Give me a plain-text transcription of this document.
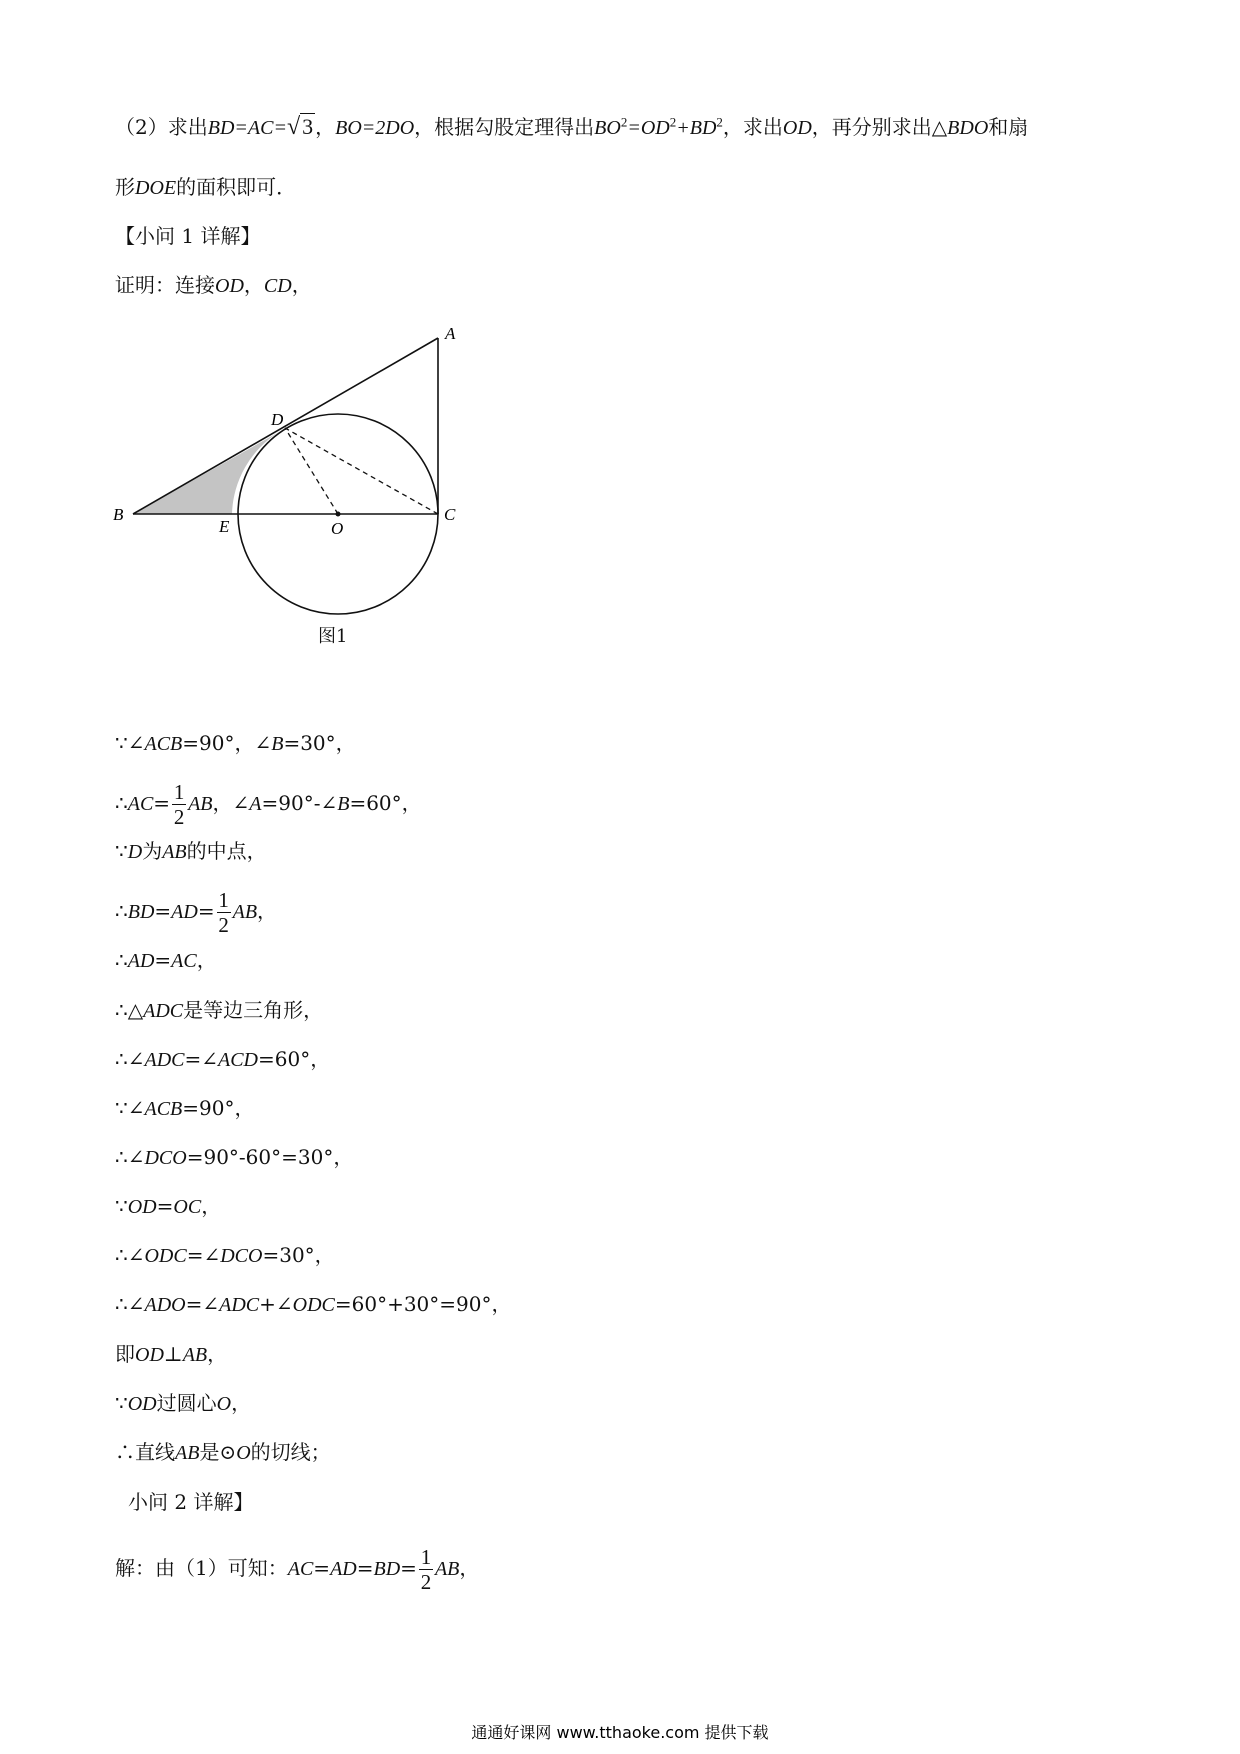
（2）求出BD=AC=√3 ，BO=2DO，根据勾股定理得出$BO^2=OD^2+BD^2$，求出OD，再分别求出△BDO和扇
形DOE的面积即可．
【小问 1 详解】
证明：连接OD，CD，
A
B	C
D
E	O
图1
∵∠ACB=90°，∠B=30°，
∴AC= $\frac{1}{2}$ AB，∠A=90°-∠B=60°，
∵D为AB的中点，
∴BD=AD= $\frac{1}{2}$ AB，
∴AD=AC，
∴△ADC是等边三角形，
∴∠ADC=∠ACD=60°，
∵∠ACB=90°，
∴∠DCO=90°-60°=30°，
∵OD=OC，
∴∠ODC=∠DCO=30°，
∴∠ADO=∠ADC+∠ODC=60°+30°=90°，
即OD⊥AB，
∵OD过圆心O，
∴直线AB是⊙O的切线；
小问 2 详解】
解：由（1）可知：$AC=AD=BD= \frac{1}{2}$ AB，
通通好课网 www.tthaoke.com 提供下载
